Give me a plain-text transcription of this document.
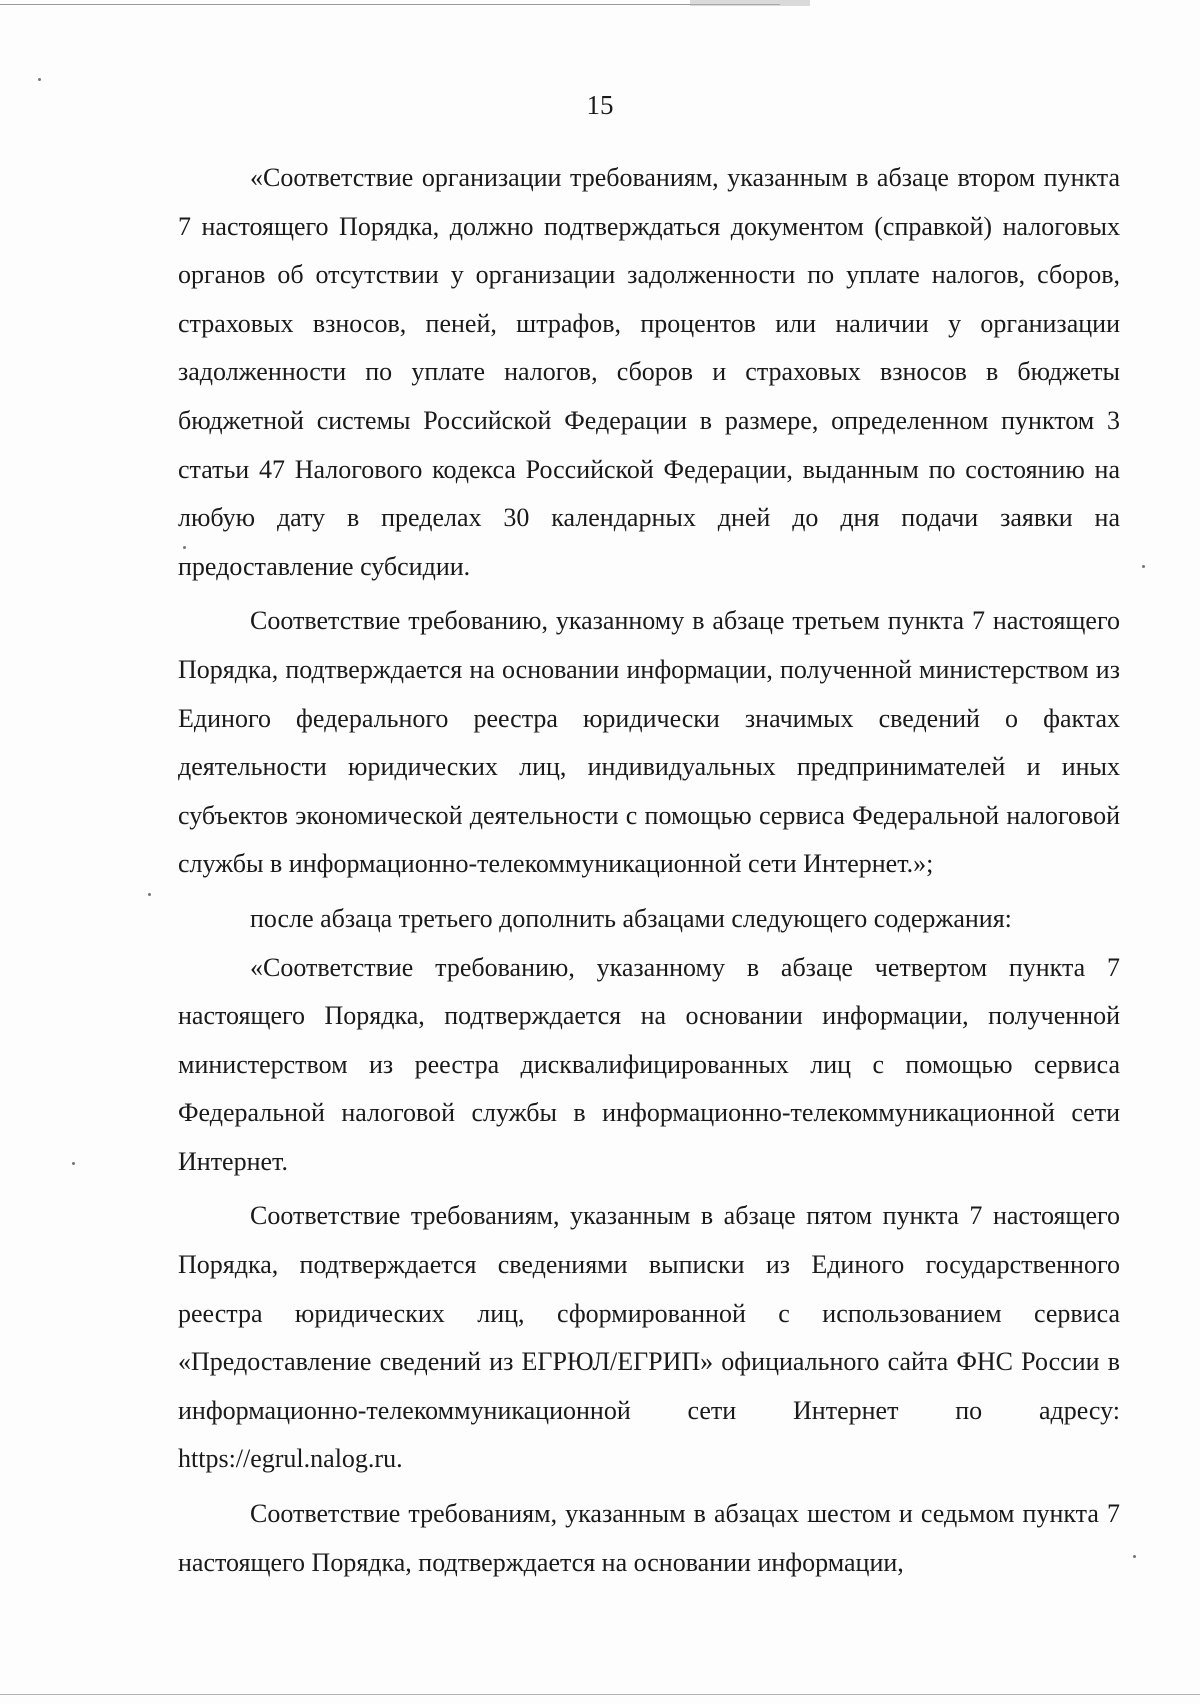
15

«Соответствие организации требованиям, указанным в абзаце втором пункта 7 настоящего Порядка, должно подтверждаться документом (справкой) налоговых органов об отсутствии у организации задолженности по уплате налогов, сборов, страховых взносов, пеней, штрафов, процентов или наличии у организации задолженности по уплате налогов, сборов и страховых взносов в бюджеты бюджетной системы Российской Федерации в размере, определенном пунктом 3 статьи 47 Налогового кодекса Российской Федерации, выданным по состоянию на любую дату в пределах 30 календарных дней до дня подачи заявки на предоставление субсидии.

Соответствие требованию, указанному в абзаце третьем пункта 7 настоящего Порядка, подтверждается на основании информации, полученной министерством из Единого федерального реестра юридически значимых сведений о фактах деятельности юридических лиц, индивидуальных предпринимателей и иных субъектов экономической деятельности с помощью сервиса Федеральной налоговой службы в информационно-телекоммуникационной сети Интернет.»;

после абзаца третьего дополнить абзацами следующего содержания:

«Соответствие требованию, указанному в абзаце четвертом пункта 7 настоящего Порядка, подтверждается на основании информации, полученной министерством из реестра дисквалифицированных лиц с помощью сервиса Федеральной налоговой службы в информационно-телекоммуникационной сети Интернет.

Соответствие требованиям, указанным в абзаце пятом пункта 7 настоящего Порядка, подтверждается сведениями выписки из Единого государственного реестра юридических лиц, сформированной с использованием сервиса «Предоставление сведений из ЕГРЮЛ/ЕГРИП» официального сайта ФНС России в информационно-телекоммуникационной сети Интернет по адресу: https://egrul.nalog.ru.

Соответствие требованиям, указанным в абзацах шестом и седьмом пункта 7 настоящего Порядка, подтверждается на основании информации,
